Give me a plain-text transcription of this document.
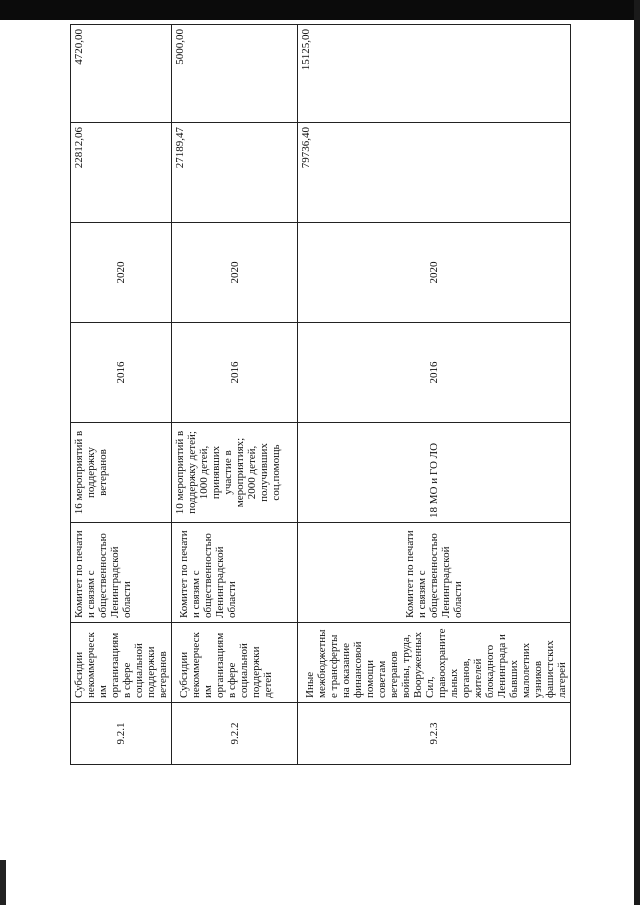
9.2.1	Субсидии некоммерческим организациям в сфере социальной поддержки ветеранов	Комитет по печати и связям с общественностью Ленинградской области	16 мероприятий в поддержку ветеранов	2016	2020	22812,06	4720,00
9.2.2	Субсидии некоммерческим организациям в сфере социальной поддержки детей	Комитет по печати и связям с общественностью Ленинградской области	10 мероприятий в поддержку детей; 1000 детей, принявших участие в мероприятиях; 2000 детей, получивших соц.помощь	2016	2020	27189,47	5000,00
9.2.3	Иные межбюджетные трансферты на оказание финансовой помощи советам ветеранов войны, труда, Вооруженных Сил, правоохранительных органов, жителей блокадного Ленинграда и бывших малолетних узников фашистских лагерей	Комитет по печати и связям с общественностью Ленинградской области	18 МО и ГО ЛО	2016	2020	79736,40	15125,00
